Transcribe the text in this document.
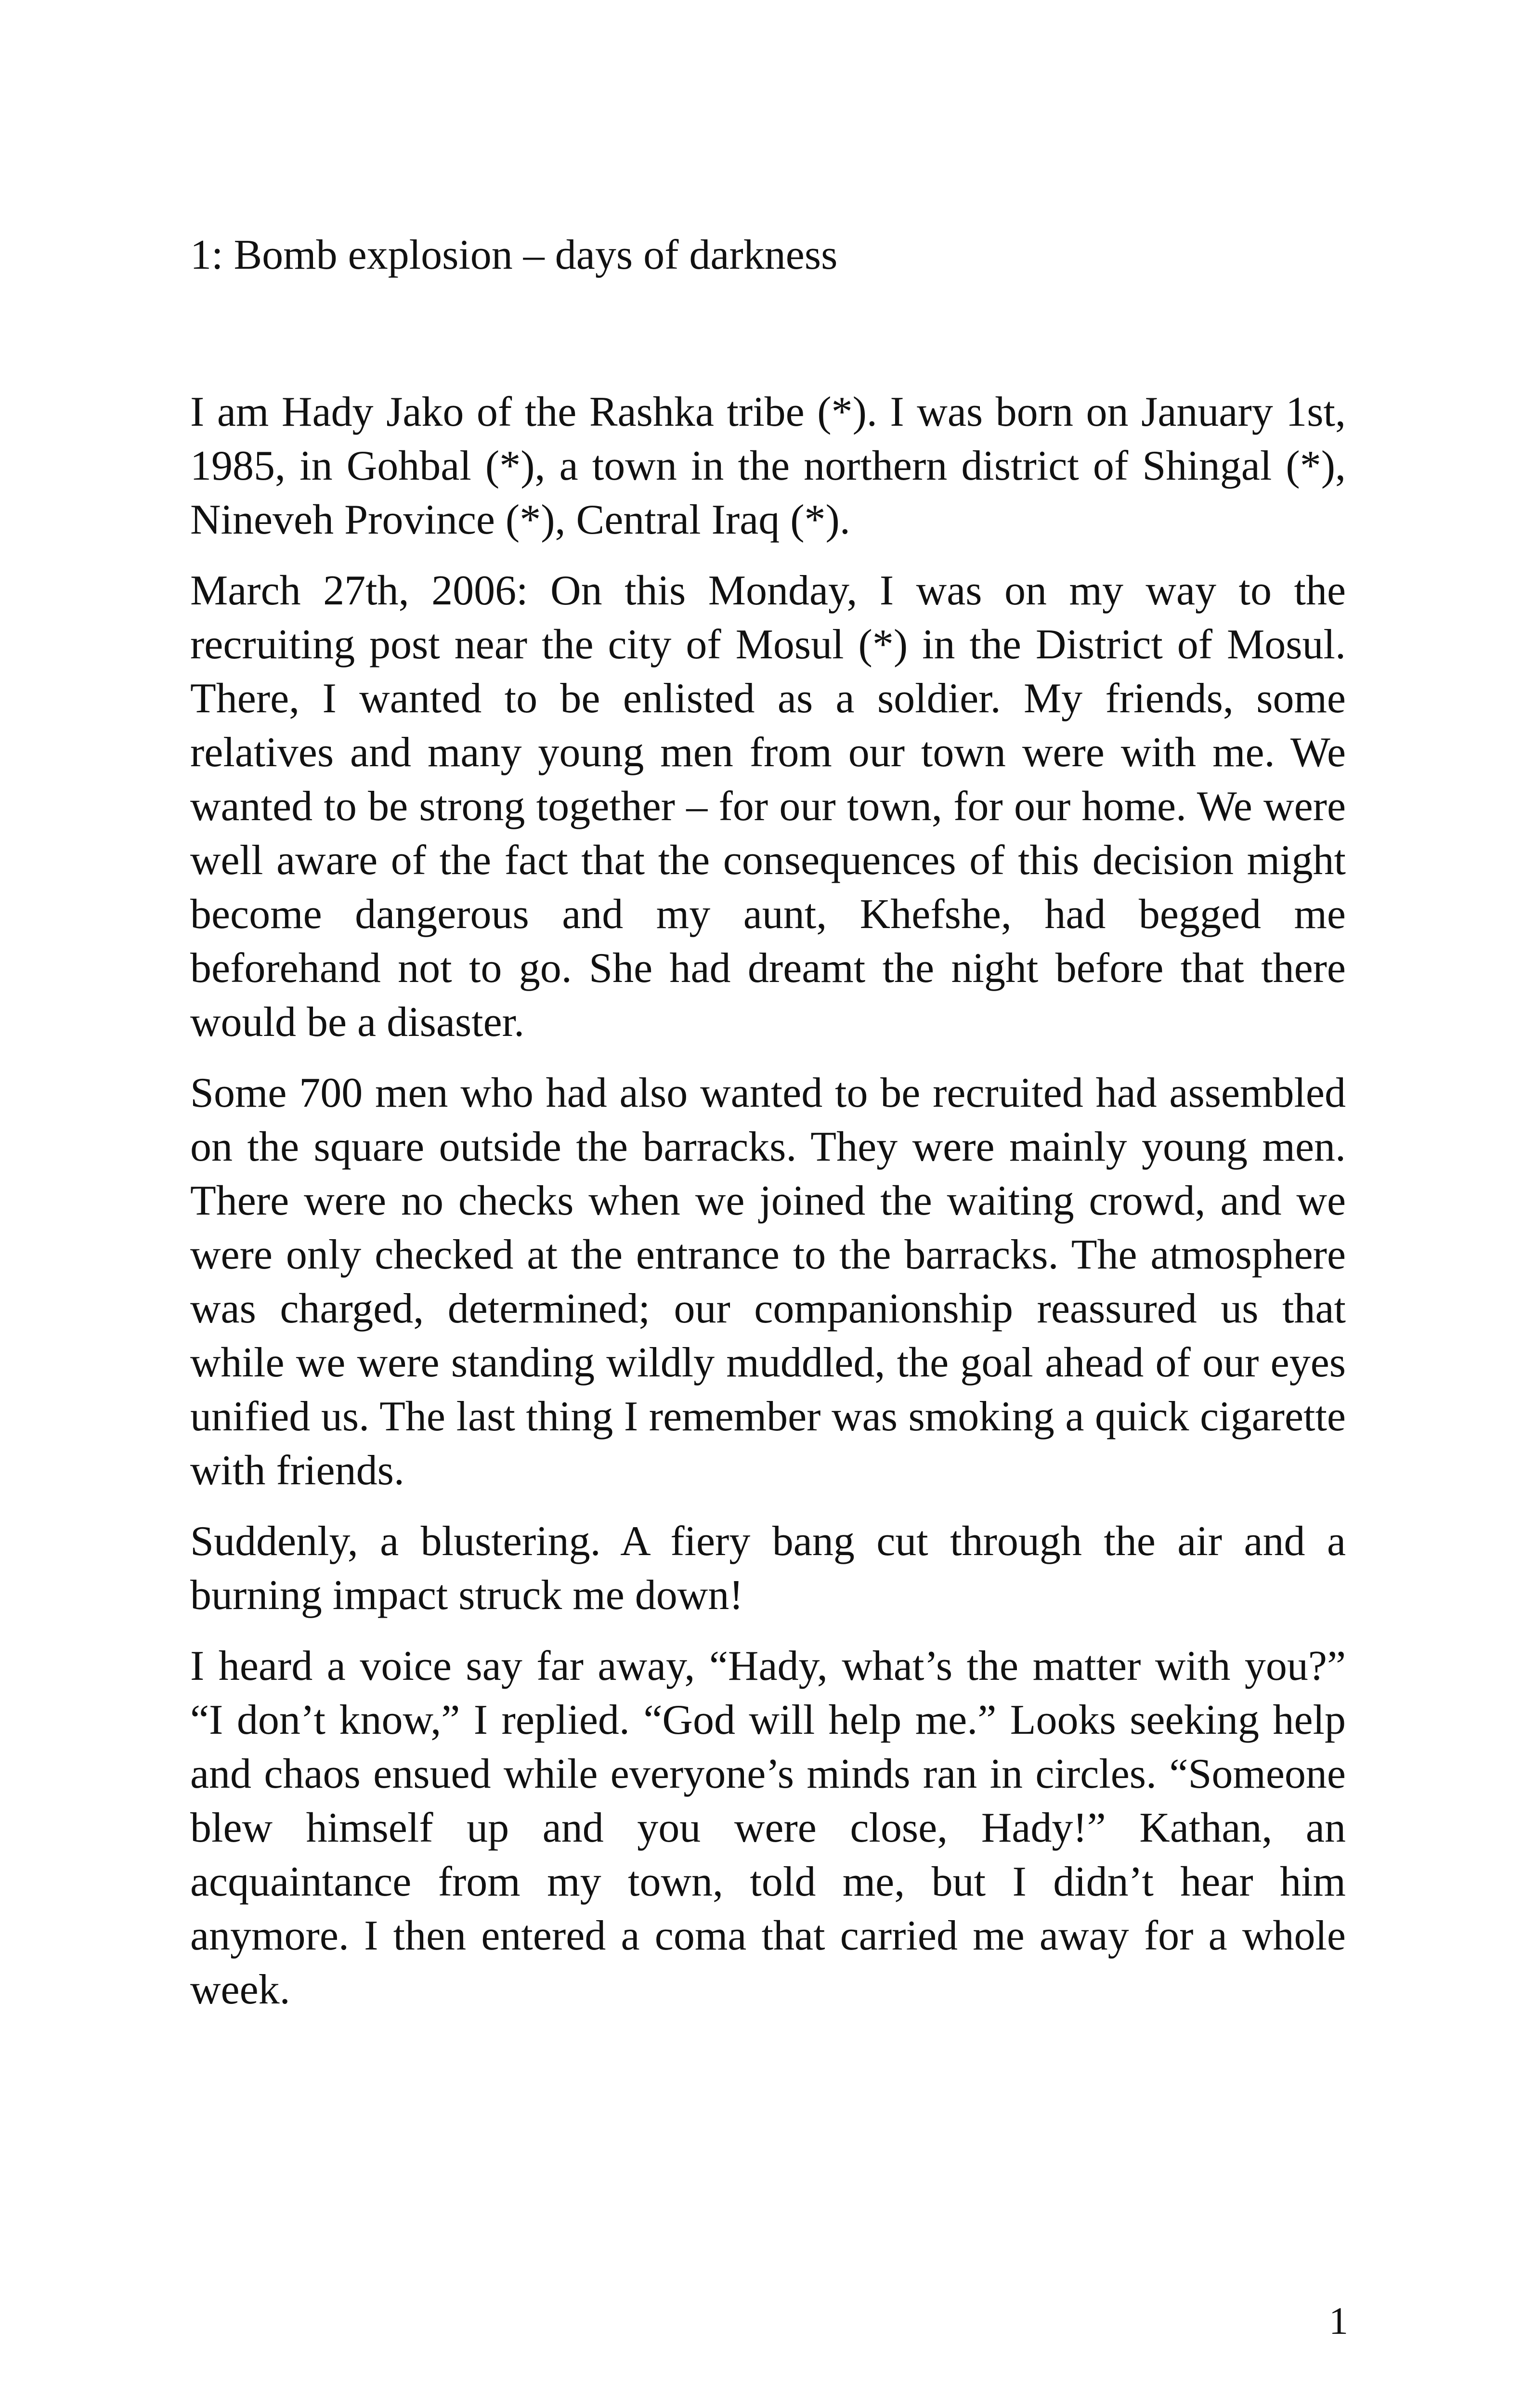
1: Bomb explosion – days of darkness

I am Hady Jako of the Rashka tribe (*). I was born on January 1st, 1985, in Gohbal (*), a town in the northern district of Shingal (*), Nineveh Province (*), Central Iraq (*).

March 27th, 2006: On this Monday, I was on my way to the recruiting post near the city of Mosul (*) in the District of Mosul. There, I wanted to be enlisted as a soldier. My friends, some relatives and many young men from our town were with me. We wanted to be strong together – for our town, for our home. We were well aware of the fact that the consequences of this decision might become dangerous and my aunt, Khefshe, had begged me beforehand not to go. She had dreamt the night before that there would be a disaster.

Some 700 men who had also wanted to be recruited had assembled on the square outside the barracks. They were mainly young men. There were no checks when we joined the waiting crowd, and we were only checked at the entrance to the barracks. The atmosphere was charged, determined; our companionship reassured us that while we were standing wildly muddled, the goal ahead of our eyes unified us. The last thing I remember was smoking a quick cigarette with friends.

Suddenly, a blustering. A fiery bang cut through the air and a burning impact struck me down!

I heard a voice say far away, “Hady, what’s the matter with you?” “I don’t know,” I replied. “God will help me.” Looks seeking help and chaos ensued while everyone’s minds ran in circles. “Someone blew himself up and you were close, Hady!” Kathan, an acquaintance from my town, told me, but I didn’t hear him anymore. I then entered a coma that carried me away for a whole week.

1
